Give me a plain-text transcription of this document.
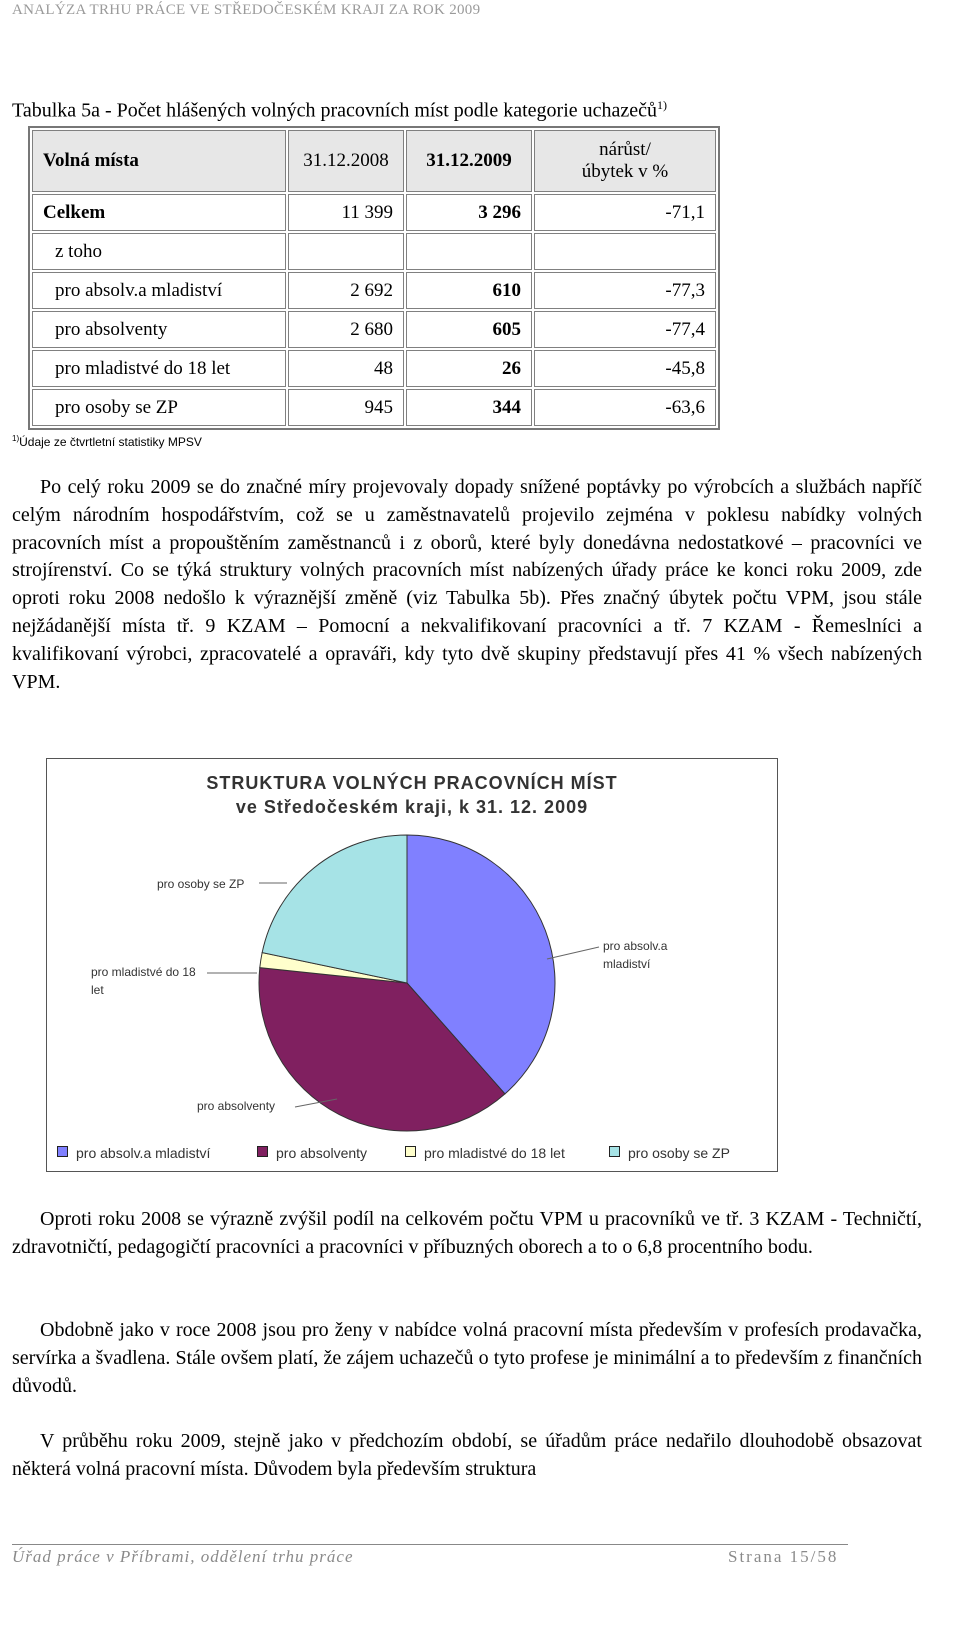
ANALÝZA TRHU PRÁCE VE STŘEDOČESKÉM KRAJI ZA ROK 2009
Tabulka 5a - Počet hlášených volných pracovních míst podle kategorie uchazečů$^{1)}$
Volná místa	31.12.2008	31.12.2009	nárůst/
úbytek v %
Celkem	11 399	3 296	-71,1
z toho			
pro absolv.a mladiství	2 692	610	-77,3
pro absolventy	2 680	605	-77,4
pro mladistvé do 18 let	48	26	-45,8
pro osoby se ZP	945	344	-63,6
$^{1)}$Údaje ze čtvrtletní statistiky MPSV

Po celý roku 2009 se do značné míry projevovaly dopady snížené poptávky po výrobcích a službách napříč celým národním hospodářstvím, což se u zaměstnavatelů projevilo zejména v poklesu nabídky volných pracovních míst a propouštěním zaměstnanců i z oborů, které byly donedávna nedostatkové – pracovníci ve strojírenství. Co se týká struktury volných pracovních míst nabízených úřady práce ke konci roku 2009, zde oproti roku 2008 nedošlo k výraznější změně (viz Tabulka 5b). Přes značný úbytek počtu VPM, jsou stále nejžádanější místa tř. 9 KZAM – Pomocní a nekvalifikovaní pracovníci a tř. 7 KZAM - Řemeslníci a kvalifikovaní výrobci, zpracovatelé a opraváři, kdy tyto dvě skupiny představují přes 41 % všech nabízených VPM.

STRUKTURA VOLNÝCH PRACOVNÍCH MÍST
ve Středočeském kraji, k 31. 12. 2009
pro absolv.a
mladiství
pro absolventy
pro mladistvé do 18
let
pro osoby se ZP
pro absolv.a mladiství	pro absolventy	pro mladistvé do 18 let	pro osoby se ZP

Oproti roku 2008 se výrazně zvýšil podíl na celkovém počtu VPM u pracovníků ve tř. 3 KZAM - Techničtí, zdravotničtí, pedagogičtí pracovníci a pracovníci v příbuzných oborech a to o 6,8 procentního bodu.

Obdobně jako v roce 2008 jsou pro ženy v nabídce volná pracovní místa především v profesích prodavačka, servírka a švadlena. Stále ovšem platí, že zájem uchazečů o tyto profese je minimální a to především z finančních důvodů.

V průběhu roku 2009, stejně jako v předchozím období, se úřadům práce nedařilo dlouhodobě obsazovat některá volná pracovní místa. Důvodem byla především struktura

Úřad práce v Příbrami, oddělení trhu práce	Strana 15/58
